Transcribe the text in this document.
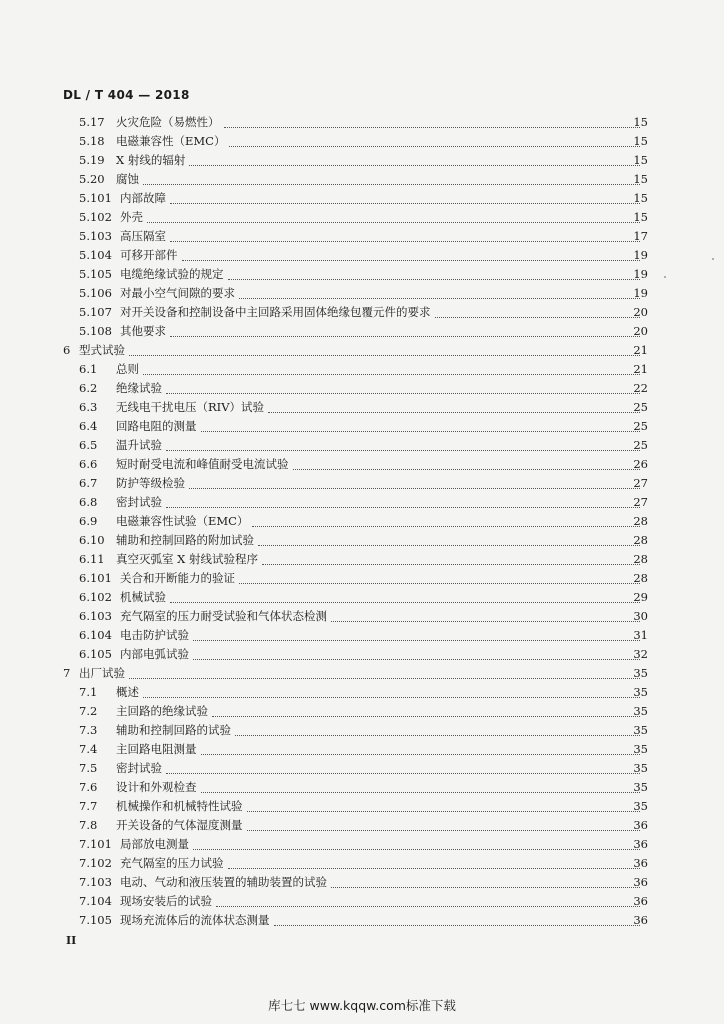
DL / T 404 — 2018
5.17 火灾危险（易燃性）	15
5.18 电磁兼容性（EMC）	15
5.19 X 射线的辐射	15
5.20 腐蚀	15
5.101 内部故障	15
5.102 外壳	15
5.103 高压隔室	17
5.104 可移开部件	19
5.105 电缆绝缘试验的规定	19
5.106 对最小空气间隙的要求	19
5.107 对开关设备和控制设备中主回路采用固体绝缘包覆元件的要求	20
5.108 其他要求	20
6 型式试验	21
6.1 总则	21
6.2 绝缘试验	22
6.3 无线电干扰电压（RIV）试验	25
6.4 回路电阻的测量	25
6.5 温升试验	25
6.6 短时耐受电流和峰值耐受电流试验	26
6.7 防护等级检验	27
6.8 密封试验	27
6.9 电磁兼容性试验（EMC）	28
6.10 辅助和控制回路的附加试验	28
6.11 真空灭弧室 X 射线试验程序	28
6.101 关合和开断能力的验证	28
6.102 机械试验	29
6.103 充气隔室的压力耐受试验和气体状态检测	30
6.104 电击防护试验	31
6.105 内部电弧试验	32
7 出厂试验	35
7.1 概述	35
7.2 主回路的绝缘试验	35
7.3 辅助和控制回路的试验	35
7.4 主回路电阻测量	35
7.5 密封试验	35
7.6 设计和外观检查	35
7.7 机械操作和机械特性试验	35
7.8 开关设备的气体湿度测量	36
7.101 局部放电测量	36
7.102 充气隔室的压力试验	36
7.103 电动、气动和液压装置的辅助装置的试验	36
7.104 现场安装后的试验	36
7.105 现场充流体后的流体状态测量	36
II
库七七 www.kqqw.com标准下载
